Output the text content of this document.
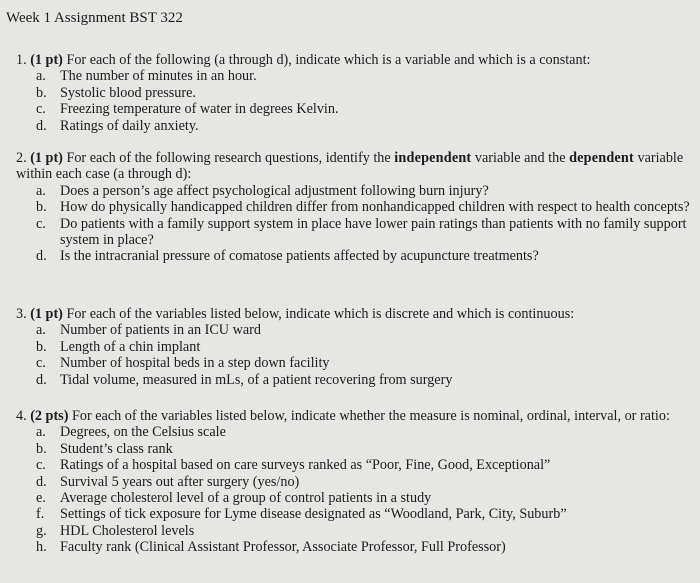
Week 1 Assignment BST 322
1. (1 pt) For each of the following (a through d), indicate which is a variable and which is a constant:
a. The number of minutes in an hour.
b. Systolic blood pressure.
c. Freezing temperature of water in degrees Kelvin.
d. Ratings of daily anxiety.
2. (1 pt) For each of the following research questions, identify the independent variable and the dependent variable within each case (a through d):
a. Does a person’s age affect psychological adjustment following burn injury?
b. How do physically handicapped children differ from nonhandicapped children with respect to health concepts?
c. Do patients with a family support system in place have lower pain ratings than patients with no family support system in place?
d. Is the intracranial pressure of comatose patients affected by acupuncture treatments?
3. (1 pt) For each of the variables listed below, indicate which is discrete and which is continuous:
a. Number of patients in an ICU ward
b. Length of a chin implant
c. Number of hospital beds in a step down facility
d. Tidal volume, measured in mLs, of a patient recovering from surgery
4. (2 pts) For each of the variables listed below, indicate whether the measure is nominal, ordinal, interval, or ratio:
a. Degrees, on the Celsius scale
b. Student’s class rank
c. Ratings of a hospital based on care surveys ranked as “Poor, Fine, Good, Exceptional”
d. Survival 5 years out after surgery (yes/no)
e. Average cholesterol level of a group of control patients in a study
f.	Settings of tick exposure for Lyme disease designated as “Woodland, Park, City, Suburb”
g. HDL Cholesterol levels
h. Faculty rank (Clinical Assistant Professor, Associate Professor, Full Professor)
